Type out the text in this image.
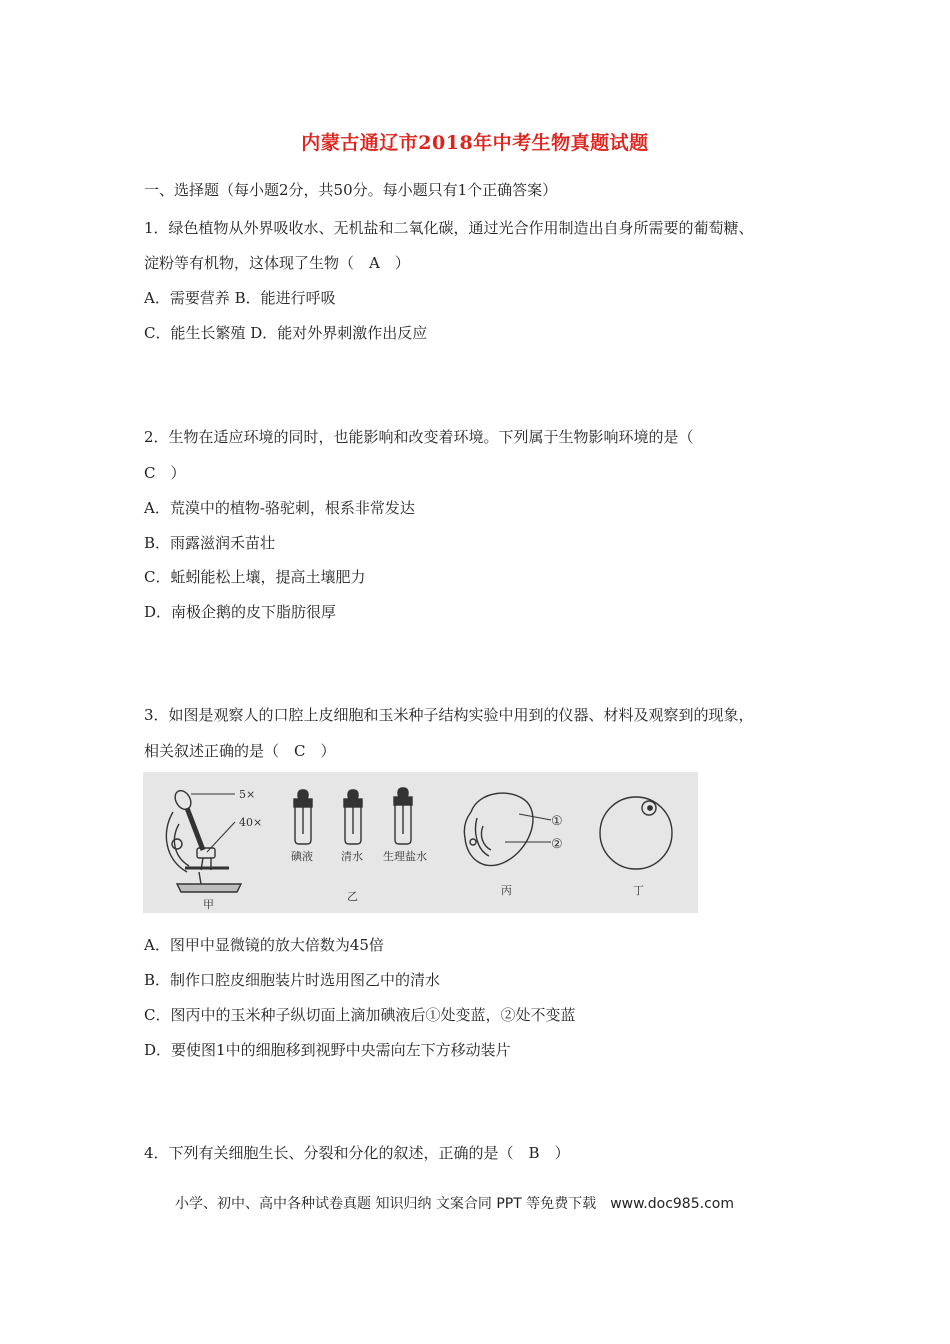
内蒙古通辽市2018年中考生物真题试题
一、选择题（每小题2分，共50分。每小题只有1个正确答案）
1．绿色植物从外界吸收水、无机盐和二氧化碳，通过光合作用制造出自身所需要的葡萄糖、
淀粉等有机物，这体现了生物（　A　）
A．需要营养 B．能进行呼吸
C．能生长繁殖 D．能对外界刺激作出反应
2．生物在适应环境的同时，也能影响和改变着环境。下列属于生物影响环境的是（
C　）
A．荒漠中的植物-骆驼刺，根系非常发达
B．雨露滋润禾苗壮
C．蚯蚓能松上壤，提高土壤肥力
D．南极企鹅的皮下脂肪很厚
3．如图是观察人的口腔上皮细胞和玉米种子结构实验中用到的仪器、材料及观察到的现象，
相关叙述正确的是（　C　）
5×
40×
甲
碘液	清水 生理盐水
乙
①
②
丙	丁
A．图甲中显微镜的放大倍数为45倍
B．制作口腔皮细胞装片时选用图乙中的清水
C．图丙中的玉米种子纵切面上滴加碘液后①处变蓝，②处不变蓝
D．要使图1中的细胞移到视野中央需向左下方移动装片
4．下列有关细胞生长、分裂和分化的叙述，正确的是（　B　）
小学、初中、高中各种试卷真题 知识归纳 文案合同 PPT 等免费下载　www.doc985.com
